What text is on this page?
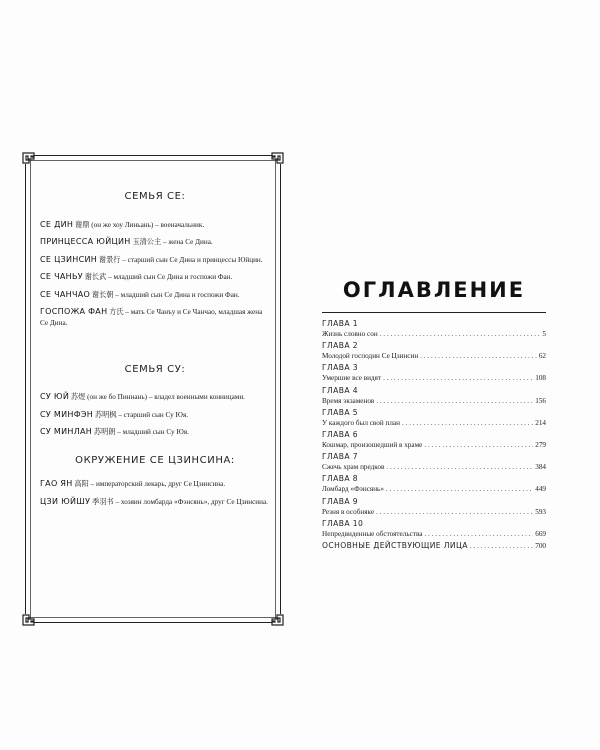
СЕМЬЯ СЕ:

СЕ ДИН 谢鼎 (он же хоу Линьань) – военачальник.

ПРИНЦЕССА ЮЙЦИН 玉清公主 – жена Се Дина.

СЕ ЦЗИНСИН 谢景行 – старший сын Се Дина и принцессы Юйцин.

СЕ ЧАНЬУ 谢长武 – младший сын Се Дина и госпожи Фан.

СЕ ЧАНЧАО 谢长朝 – младший сын Се Дина и госпожи Фан.

ГОСПОЖА ФАН 方氏 – мать Се Чанъу и Се Чанчао, младшая жена Се Дина.

СЕМЬЯ СУ:

СУ ЮЙ 苏煜 (он же бо Пиннань) – владел военными конницами.

СУ МИНФЭН 苏明枫 – старший сын Су Юя.

СУ МИНЛАН 苏明朗 – младший сын Су Юя.

ОКРУЖЕНИЕ СЕ ЦЗИНСИНА:

ГАО ЯН 高阳 – императорский лекарь, друг Се Цзинсина.

ЦЗИ ЮЙШУ 季羽书 – хозяин ломбарда «Фэнсянь», друг Се Цзинсина.

ОГЛАВЛЕНИЕ
ГЛАВА 1
Жизнь словно сон . . .	5
ГЛАВА 2
Молодой господин Се Цзинсин . . .	62
ГЛАВА 3
Умершие все видят . . .	108
ГЛАВА 4
Время экзаменов . . .	156
ГЛАВА 5
У каждого был свой план . . .	214
ГЛАВА 6
Кошмар, произошедший в храме . . .	279
ГЛАВА 7
Сжечь храм предков . . .	384
ГЛАВА 8
Ломбард «Фэнсянь» . . .	449
ГЛАВА 9
Резня в особняке . . .	593
ГЛАВА 10
Непредвиденные обстоятельства . . .	669
ОСНОВНЫЕ ДЕЙСТВУЮЩИЕ ЛИЦА . . .	700
